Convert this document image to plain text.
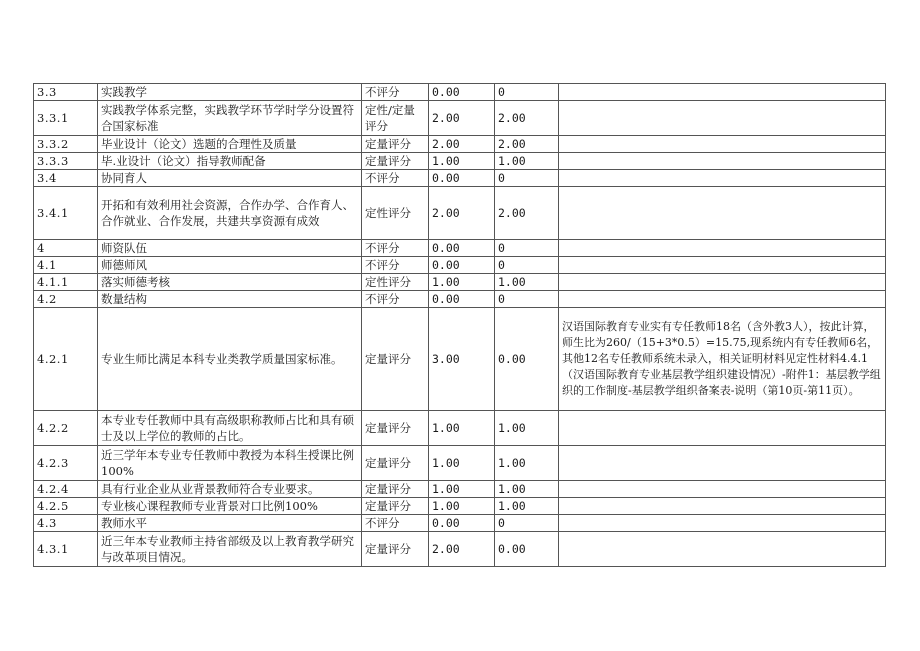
3.3	实践教学	不评分	0.00	0	
3.3.1	实践教学体系完整，实践教学环节学时学分设置符合国家标准	定性/定量评分	2.00	2.00	
3.3.2	毕业设计（论文）选题的合理性及质量	定量评分	2.00	2.00	
3.3.3	毕.业设计（论文）指导教师配备	定量评分	1.00	1.00	
3.4	协同育人	不评分	0.00	0	
3.4.1	开拓和有效利用社会资源，合作办学、合作育人、合作就业、合作发展，共建共享资源有成效	定性评分	2.00	2.00	
4	师资队伍	不评分	0.00	0	
4.1	师德师风	不评分	0.00	0	
4.1.1	落实师德考核	定性评分	1.00	1.00	
4.2	数量结构	不评分	0.00	0	
4.2.1	专业生师比满足本科专业类教学质量国家标准。	定量评分	3.00	0.00	汉语国际教育专业实有专任教师18名（含外教3人），按此计算，师生比为260/（15+3*0.5）=15.75,现系统内有专任教师6名，其他12名专任教师系统未录入，相关证明材料见定性材料4.4.1（汉语国际教育专业基层教学组织建设情况）-附件1：基层教学组织的工作制度-基层教学组织备案表-说明（第10页-第11页）。
4.2.2	本专业专任教师中具有高级职称教师占比和具有硕士及以上学位的教师的占比。	定量评分	1.00	1.00	
4.2.3	近三学年本专业专任教师中教授为本科生授课比例100%	定量评分	1.00	1.00	
4.2.4	具有行业企业从业背景教师符合专业要求。	定量评分	1.00	1.00	
4.2.5	专业核心课程教师专业背景对口比例100%	定量评分	1.00	1.00	
4.3	教师水平	不评分	0.00	0	
4.3.1	近三年本专业教师主持省部级及以上教育教学研究与改革项目情况。	定量评分	2.00	0.00	
